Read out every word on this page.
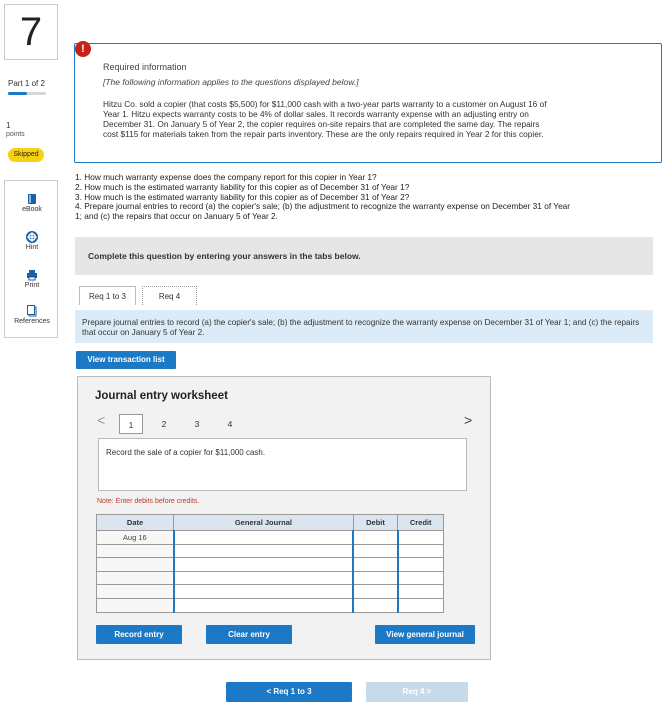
7
Part 1 of 2
1
points
Skipped
eBook
Hint
Print
References
!
Required information
[The following information applies to the questions displayed below.]
Hitzu Co. sold a copier (that costs $5,500) for $11,000 cash with a two-year parts warranty to a customer on August 16 of
Year 1. Hitzu expects warranty costs to be 4% of dollar sales. It records warranty expense with an adjusting entry on
December 31. On January 5 of Year 2, the copier requires on-site repairs that are completed the same day. The repairs
cost $115 for materials taken from the repair parts inventory. These are the only repairs required in Year 2 for this copier.
1. How much warranty expense does the company report for this copier in Year 1?
2. How much is the estimated warranty liability for this copier as of December 31 of Year 1?
3. How much is the estimated warranty liability for this copier as of December 31 of Year 2?
4. Prepare journal entries to record (a) the copier's sale; (b) the adjustment to recognize the warranty expense on December 31 of Year
1; and (c) the repairs that occur on January 5 of Year 2.
Complete this question by entering your answers in the tabs below.
Req 1 to 3	Req 4
Prepare journal entries to record (a) the copier's sale; (b) the adjustment to recognize the warranty expense on December 31 of Year 1; and (c) the repairs that occur on January 5 of Year 2.
View transaction list
Journal entry worksheet
<	>
1	2	3	4
Record the sale of a copier for $11,000 cash.
Note: Enter debits before credits.
Date	General Journal	Debit	Credit
Aug 16			

Record entry	Clear entry	View general journal
< Req 1 to 3	Req 4 >
